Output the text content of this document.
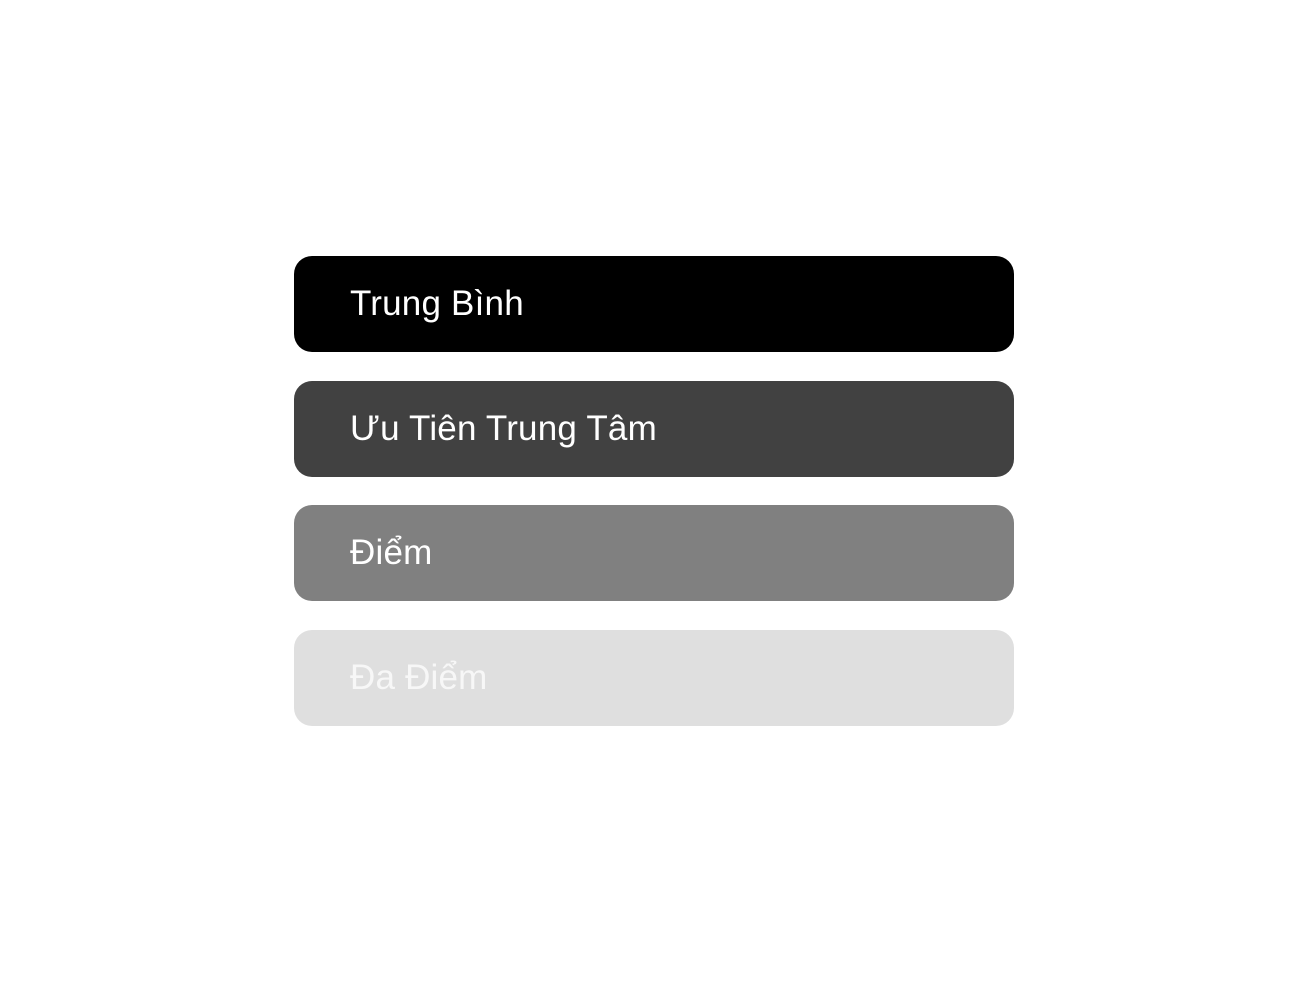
Trung Bình
Ưu Tiên Trung Tâm
Điểm
Đa Điểm
